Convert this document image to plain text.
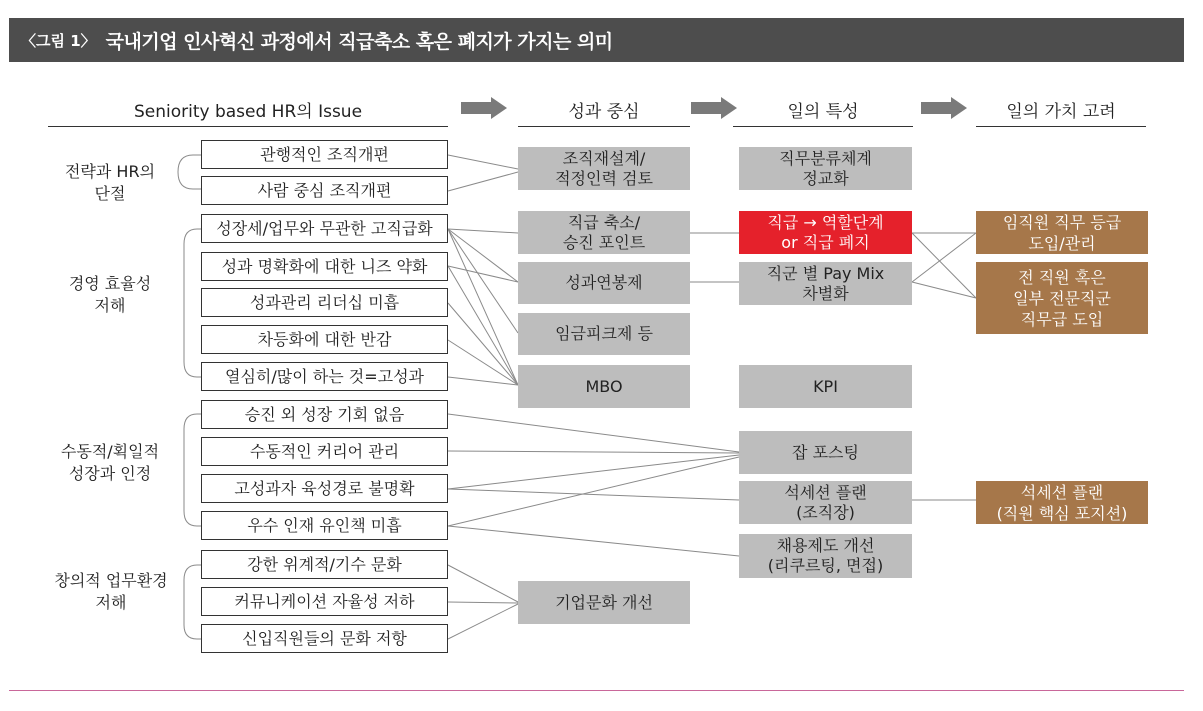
〈그림 1〉 국내기업 인사혁신 과정에서 직급축소 혹은 폐지가 가지는 의미
Seniority based HR의 Issue	성과 중심	일의 특성	일의 가치 고려
전략과 HR의
단절
경영 효율성
저해
수동적/획일적
성장과 인정
창의적 업무환경
저해
관행적인 조직개편
사람 중심 조직개편
성장세/업무와 무관한 고직급화
성과 명확화에 대한 니즈 약화
성과관리 리더십 미흡
차등화에 대한 반감
열심히/많이 하는 것=고성과
승진 외 성장 기회 없음
수동적인 커리어 관리
고성과자 육성경로 불명확
우수 인재 유인책 미흡
강한 위계적/기수 문화
커뮤니케이션 자율성 저하
신입직원들의 문화 저항
조직재설계/
적정인력 검토
직급 축소/
승진 포인트
성과연봉제
임금피크제 등
MBO
기업문화 개선
직무분류체계
정교화
직급 → 역할단계
or 직급 폐지
직군 별 Pay Mix
차별화
KPI
잡 포스팅
석세션 플랜
(조직장)
채용제도 개선
(리쿠르팅, 면접)
임직원 직무 등급
도입/관리
전 직원 혹은
일부 전문직군
직무급 도입
석세션 플랜
(직원 핵심 포지션)
